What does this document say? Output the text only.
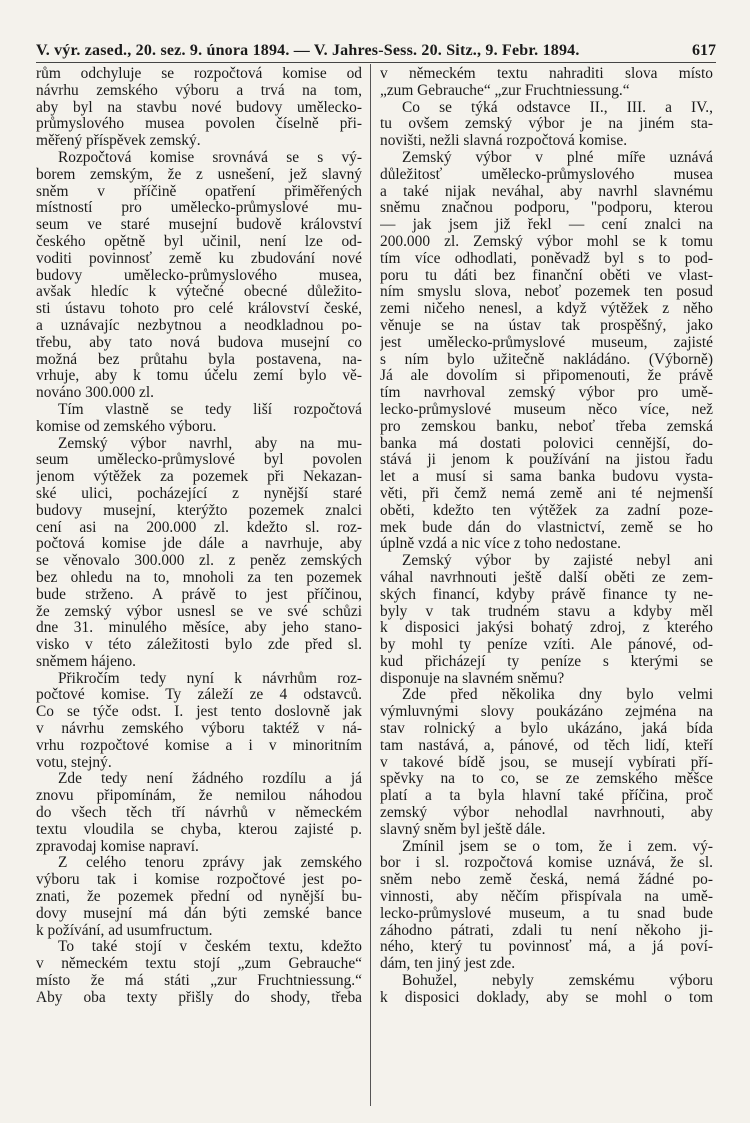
V. výr. zased., 20. sez. 9. února 1894. — V. Jahres-Sess. 20. Sitz., 9. Febr. 1894.	617
rům odchyluje se rozpočtová komise od
návrhu zemského výboru a trvá na tom,
aby byl na stavbu nové budovy umělecko-
průmyslového musea povolen číselně při-
měřený příspěvek zemský.
Rozpočtová komise srovnává se s vý-
borem zemským, že z usnešení, jež slavný
sněm v příčině opatření přiměřených
místností pro umělecko-průmyslové mu-
seum ve staré musejní budově království
českého opětně byl učinil, není lze od-
voditi povinnosť země ku zbudování nové
budovy umělecko-průmyslového musea,
avšak hledíc k výtečné obecné důležito-
sti ústavu tohoto pro celé království české,
a uznávajíc nezbytnou a neodkladnou po-
třebu, aby tato nová budova musejní co
možná bez průtahu byla postavena, na-
vrhuje, aby k tomu účelu zemí bylo vě-
nováno 300.000 zl.
Tím vlastně se tedy liší rozpočtová
komise od zemského výboru.
Zemský výbor navrhl, aby na mu-
seum umělecko-průmyslové byl povolen
jenom výtěžek za pozemek při Nekazan-
ské ulici, pocházející z nynější staré
budovy musejní, kterýžto pozemek znalci
cení asi na 200.000 zl. kdežto sl. roz-
počtová komise jde dále a navrhuje, aby
se věnovalo 300.000 zl. z peněz zemských
bez ohledu na to, mnoholi za ten pozemek
bude strženo. A právě to jest příčinou,
že zemský výbor usnesl se ve své schůzi
dne 31. minulého měsíce, aby jeho stano-
visko v této záležitosti bylo zde před sl.
sněmem hájeno.
Přikročím tedy nyní k návrhům roz-
počtové komise. Ty záleží ze 4 odstavců.
Co se týče odst. I. jest tento doslovně jak
v návrhu zemského výboru taktéž v ná-
vrhu rozpočtové komise a i v minoritním
votu, stejný.
Zde tedy není žádného rozdílu a já
znovu připomínám, že nemilou náhodou
do všech těch tří návrhů v německém
textu vloudila se chyba, kterou zajisté p.
zpravodaj komise napraví.
Z celého tenoru zprávy jak zemského
výboru tak i komise rozpočtové jest po-
znati, že pozemek přední od nynější bu-
dovy musejní má dán býti zemské bance
k požívání, ad usumfructum.
To také stojí v českém textu, kdežto
v německém textu stojí „zum Gebrauche“
místo že má státi „zur Fruchtniessung.“
Aby oba texty přišly do shody, třeba
v německém textu nahraditi slova místo
„zum Gebrauche“ „zur Fruchtniessung.“
Co se týká odstavce II., III. a IV.,
tu ovšem zemský výbor je na jiném sta-
novišti, nežli slavná rozpočtová komise.
Zemský výbor v plné míře uznává
důležitosť umělecko-průmyslového musea
a také nijak neváhal, aby navrhl slavnému
sněmu značnou podporu, "podporu, kterou
— jak jsem již řekl — cení znalci na
200.000 zl. Zemský výbor mohl se k tomu
tím více odhodlati, poněvadž byl s to pod-
poru tu dáti bez finanční oběti ve vlast-
ním smyslu slova, neboť pozemek ten posud
zemi ničeho nenesl, a když výtěžek z něho
věnuje se na ústav tak prospěšný, jako
jest umělecko-průmyslové museum, zajisté
s ním bylo užitečně nakládáno. (Výborně)
Já ale dovolím si připomenouti, že právě
tím navrhoval zemský výbor pro umě-
lecko-průmyslové museum něco více, než
pro zemskou banku, neboť třeba zemská
banka má dostati polovici cennější, do-
stává ji jenom k používání na jistou řadu
let a musí si sama banka budovu vysta-
věti, při čemž nemá země ani té nejmenší
oběti, kdežto ten výtěžek za zadní poze-
mek bude dán do vlastnictví, země se ho
úplně vzdá a nic více z toho nedostane.
Zemský výbor by zajisté nebyl ani
váhal navrhnouti ještě další oběti ze zem-
ských financí, kdyby právě finance ty ne-
byly v tak trudném stavu a kdyby měl
k disposici jakýsi bohatý zdroj, z kterého
by mohl ty peníze vzíti. Ale pánové, od-
kud přicházejí ty peníze s kterými se
disponuje na slavném sněmu?
Zde před několika dny bylo velmi
výmluvnými slovy poukázáno zejména na
stav rolnický a bylo ukázáno, jaká bída
tam nastává, a, pánové, od těch lidí, kteří
v takové bídě jsou, se musejí vybírati pří-
spěvky na to co, se ze zemského měšce
platí a ta byla hlavní také příčina, proč
zemský výbor nehodlal navrhnouti, aby
slavný sněm byl ještě dále.
Zmínil jsem se o tom, že i zem. vý-
bor i sl. rozpočtová komise uznává, že sl.
sněm nebo země česká, nemá žádné po-
vinnosti, aby něčím přispívala na umě-
lecko-průmyslové museum, a tu snad bude
záhodno pátrati, zdali tu není někoho ji-
ného, který tu povinnosť má, a já poví-
dám, ten jiný jest zde.
Bohužel, nebyly zemskému výboru
k disposici doklady, aby se mohl o tom
